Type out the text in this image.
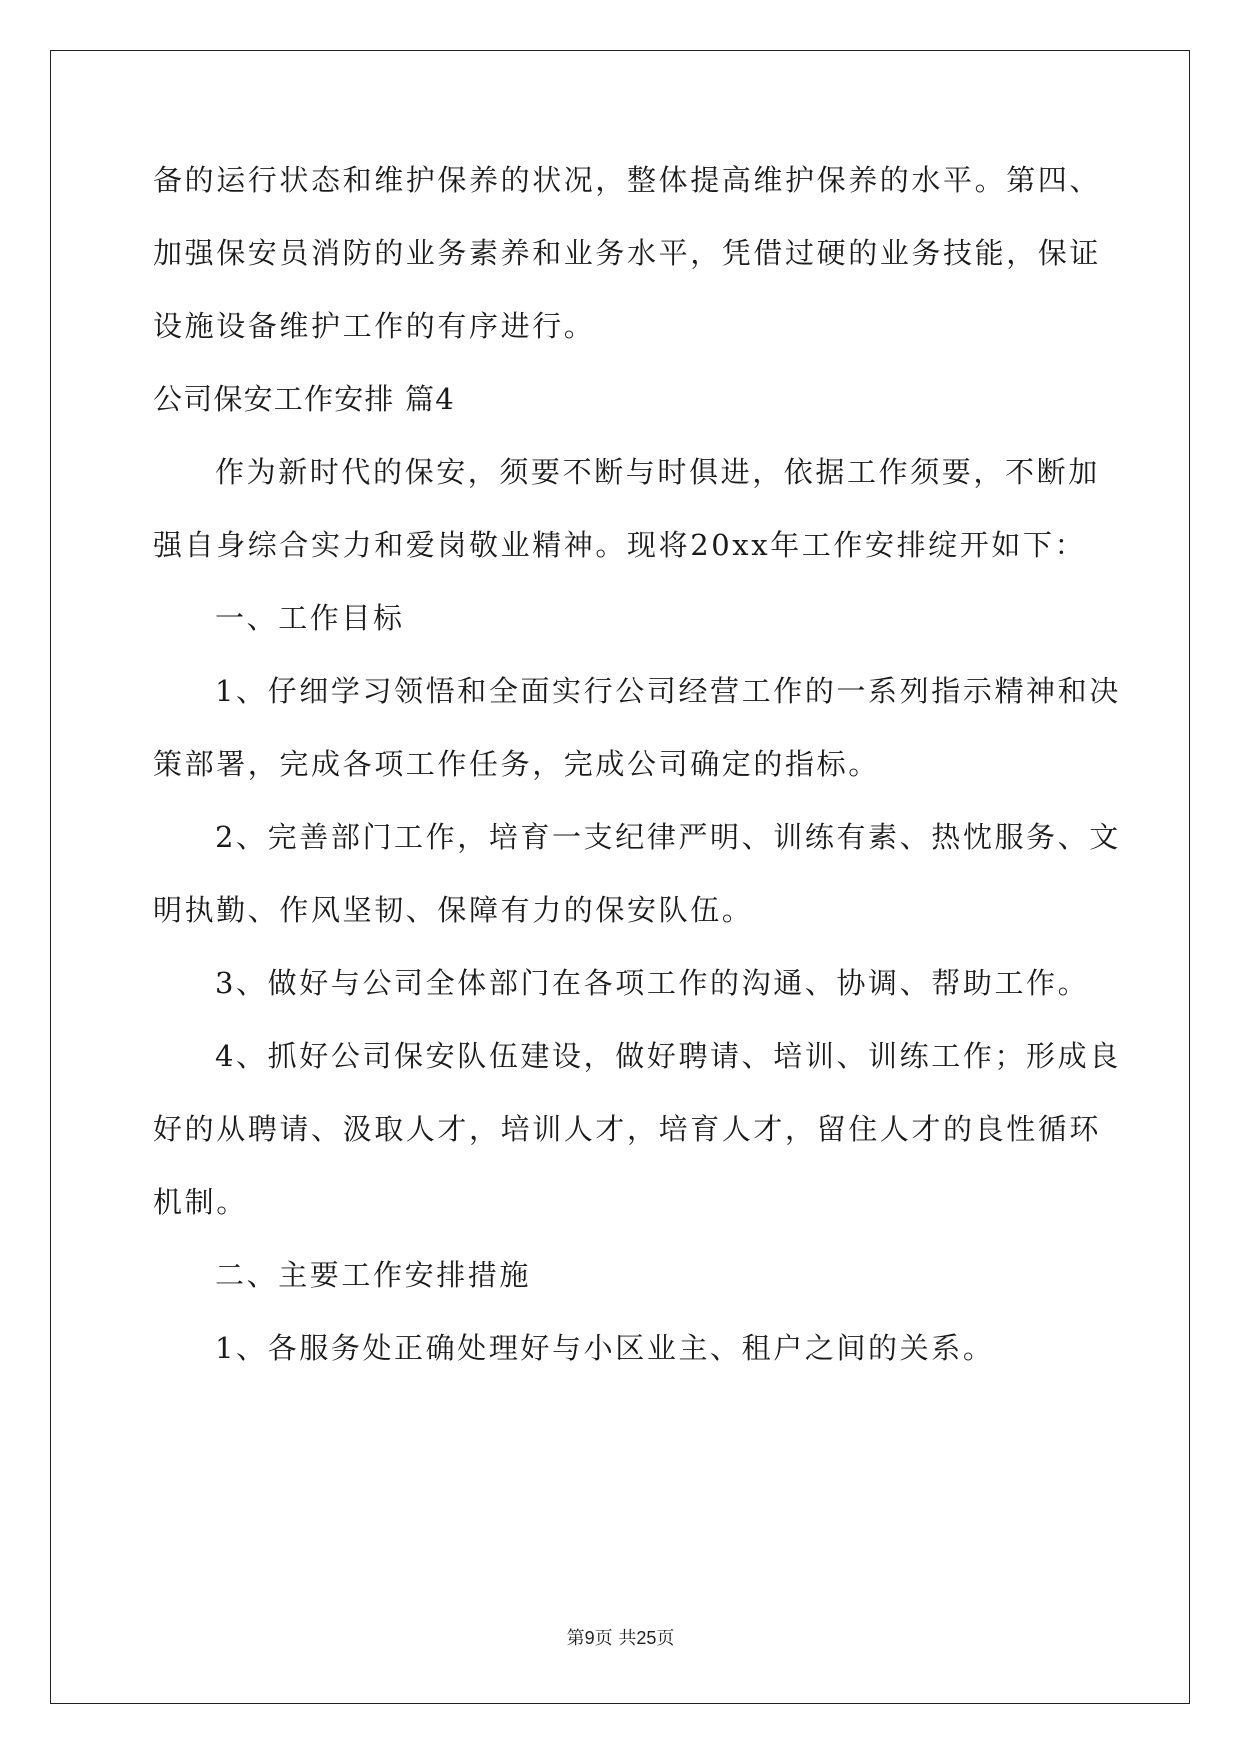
备的运行状态和维护保养的状况，整体提高维护保养的水平。第四、
加强保安员消防的业务素养和业务水平，凭借过硬的业务技能，保证
设施设备维护工作的有序进行。
公司保安工作安排 篇4
作为新时代的保安，须要不断与时俱进，依据工作须要，不断加
强自身综合实力和爱岗敬业精神。现将20xx年工作安排绽开如下：
一、工作目标
1、仔细学习领悟和全面实行公司经营工作的一系列指示精神和决
策部署，完成各项工作任务，完成公司确定的指标。
2、完善部门工作，培育一支纪律严明、训练有素、热忱服务、文
明执勤、作风坚韧、保障有力的保安队伍。
3、做好与公司全体部门在各项工作的沟通、协调、帮助工作。
4、抓好公司保安队伍建设，做好聘请、培训、训练工作；形成良
好的从聘请、汲取人才，培训人才，培育人才，留住人才的良性循环
机制。
二、主要工作安排措施
1、各服务处正确处理好与小区业主、租户之间的关系。
第9页 共25页
